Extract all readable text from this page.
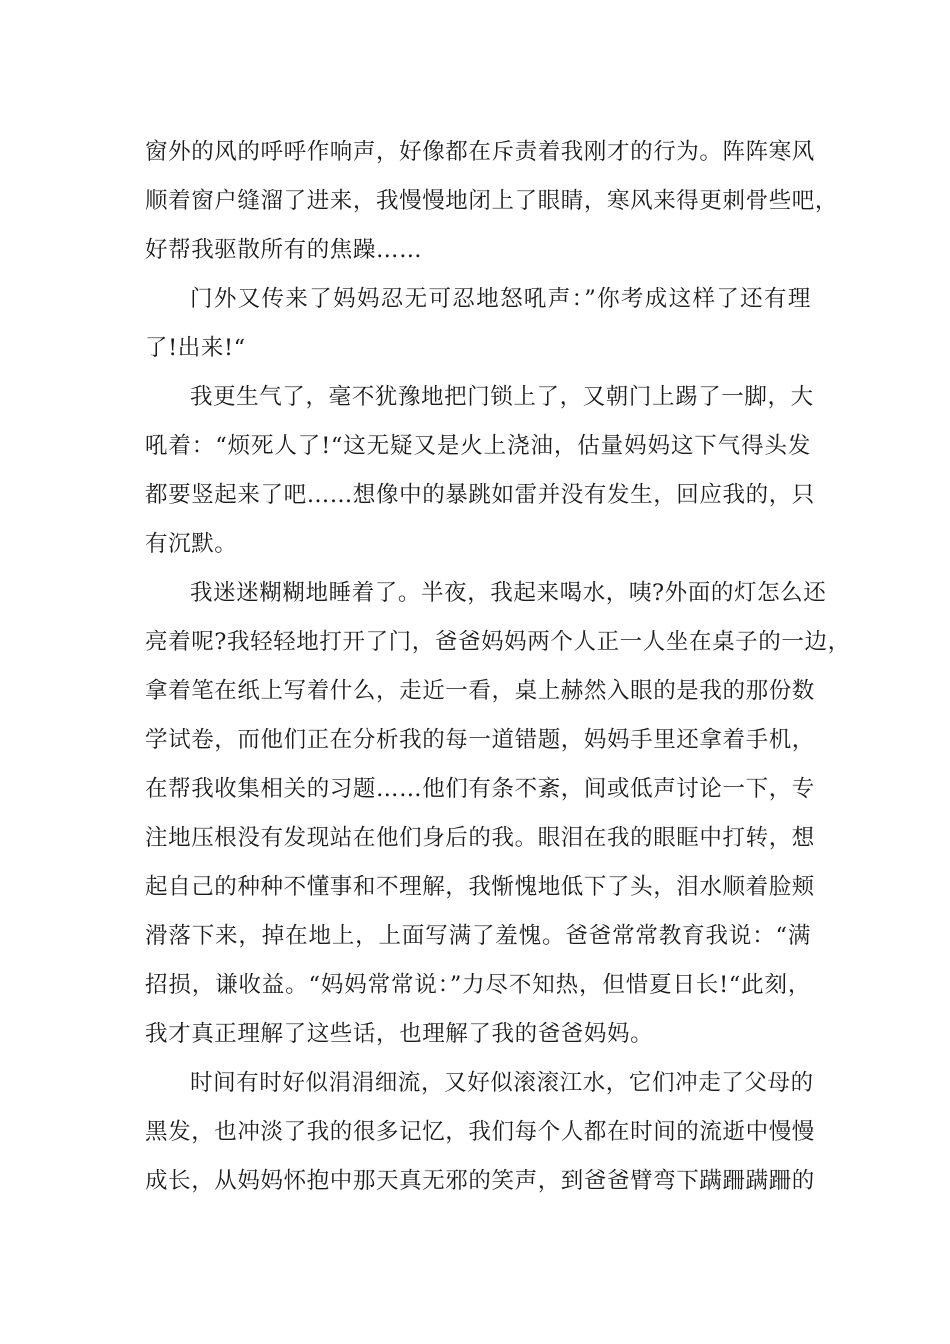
窗外的风的呼呼作响声，好像都在斥责着我刚才的行为。阵阵寒风
顺着窗户缝溜了进来，我慢慢地闭上了眼睛，寒风来得更刺骨些吧，
好帮我驱散所有的焦躁……

门外又传来了妈妈忍无可忍地怒吼声：”你考成这样了还有理
了!出来!“

我更生气了，毫不犹豫地把门锁上了，又朝门上踢了一脚，大
吼着：“烦死人了!“这无疑又是火上浇油，估量妈妈这下气得头发
都要竖起来了吧……想像中的暴跳如雷并没有发生，回应我的，只
有沉默。

我迷迷糊糊地睡着了。半夜，我起来喝水，咦?外面的灯怎么还
亮着呢?我轻轻地打开了门，爸爸妈妈两个人正一人坐在桌子的一边，
拿着笔在纸上写着什么，走近一看，桌上赫然入眼的是我的那份数
学试卷，而他们正在分析我的每一道错题，妈妈手里还拿着手机，
在帮我收集相关的习题……他们有条不紊，间或低声讨论一下，专
注地压根没有发现站在他们身后的我。眼泪在我的眼眶中打转，想
起自己的种种不懂事和不理解，我惭愧地低下了头，泪水顺着脸颊
滑落下来，掉在地上，上面写满了羞愧。爸爸常常教育我说：“满
招损，谦收益。“妈妈常常说：”力尽不知热，但惜夏日长!“此刻，
我才真正理解了这些话，也理解了我的爸爸妈妈。

时间有时好似涓涓细流，又好似滚滚江水，它们冲走了父母的
黑发，也冲淡了我的很多记忆，我们每个人都在时间的流逝中慢慢
成长，从妈妈怀抱中那天真无邪的笑声，到爸爸臂弯下蹒跚蹒跚的
